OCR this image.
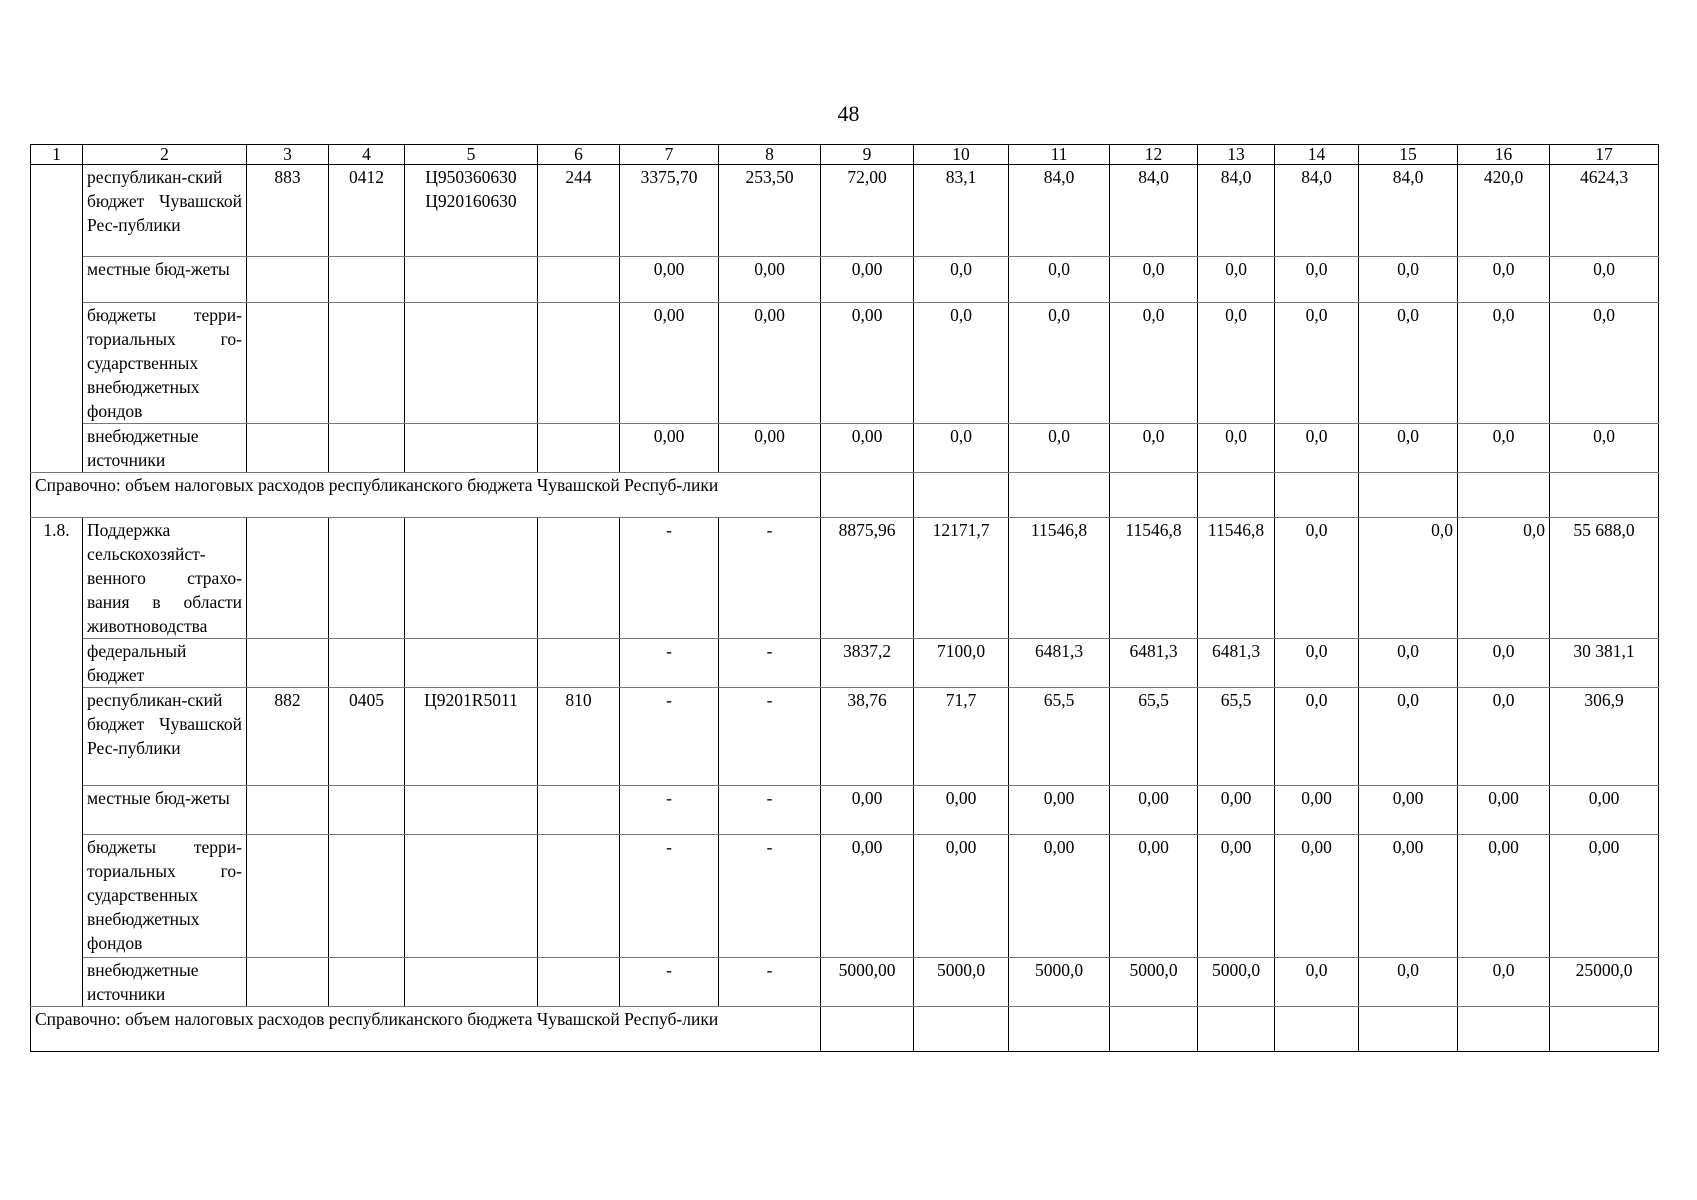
48
1	2	3	4	5	6	7	8	9	10	11	12	13	14	15	16	17
	республикан-ский бюджет Чувашской Рес-публики	883	0412	Ц950360630 Ц920160630	244	3375,70	253,50	72,00	83,1	84,0	84,0	84,0	84,0	84,0	420,0	4624,3
	местные бюд-жеты					0,00	0,00	0,00	0,0	0,0	0,0	0,0	0,0	0,0	0,0	0,0
	бюджеты терри-ториальных го-сударственных внебюджетных фондов					0,00	0,00	0,00	0,0	0,0	0,0	0,0	0,0	0,0	0,0	0,0
	внебюджетные источники					0,00	0,00	0,00	0,0	0,0	0,0	0,0	0,0	0,0	0,0	0,0
Справочно: объем налоговых расходов республиканского бюджета Чувашской Респуб-лики																
1.8.	Поддержка сельскохозяйст-венного страхо-вания в области животноводства					-	-	8875,96	12171,7	11546,8	11546,8	11546,8	0,0	0,0	0,0	55 688,0
	федеральный бюджет					-	-	3837,2	7100,0	6481,3	6481,3	6481,3	0,0	0,0	0,0	30 381,1
	республикан-ский бюджет Чувашской Рес-публики	882	0405	Ц9201R5011	810	-	-	38,76	71,7	65,5	65,5	65,5	0,0	0,0	0,0	306,9
	местные бюд-жеты					-	-	0,00	0,00	0,00	0,00	0,00	0,00	0,00	0,00	0,00
	бюджеты терри-ториальных го-сударственных внебюджетных фондов					-	-	0,00	0,00	0,00	0,00	0,00	0,00	0,00	0,00	0,00
	внебюджетные источники					-	-	5000,00	5000,0	5000,0	5000,0	5000,0	0,0	0,0	0,0	25000,0
Справочно: объем налоговых расходов республиканского бюджета Чувашской Респуб-лики																
